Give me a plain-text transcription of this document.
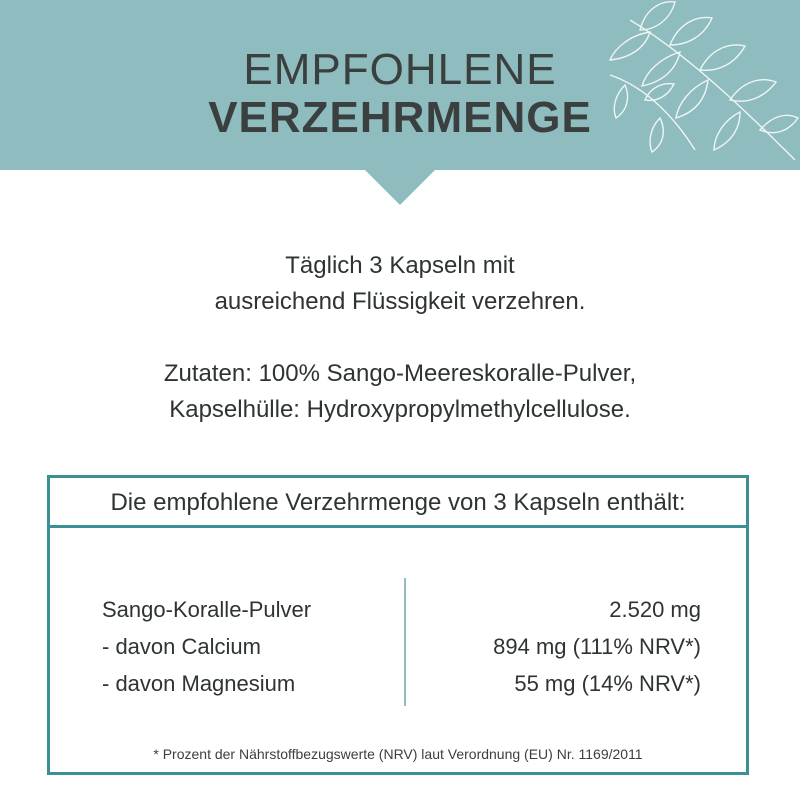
EMPFOHLENE
VERZEHRMENGE
Täglich 3 Kapseln mit
ausreichend Flüssigkeit verzehren.
Zutaten: 100% Sango-Meereskoralle-Pulver,
Kapselhülle: Hydroxypropylmethylcellulose.
Die empfohlene Verzehrmenge von 3 Kapseln enthält:
Sango-Koralle-Pulver
- davon Calcium
- davon Magnesium
2.520 mg
894 mg (111% NRV*)
55 mg (14% NRV*)
* Prozent der Nährstoffbezugswerte (NRV) laut Verordnung (EU) Nr. 1169/2011
